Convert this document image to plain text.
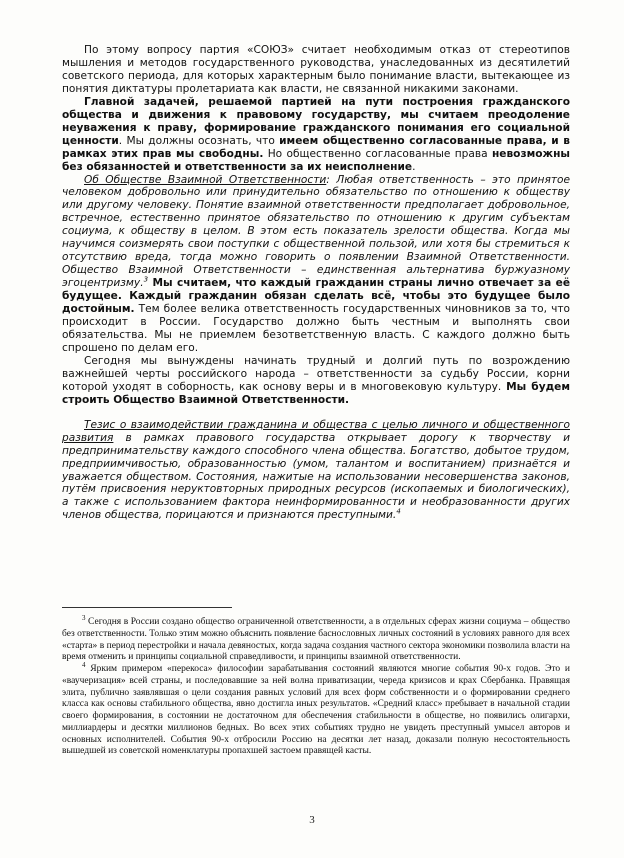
По этому вопросу партия «СОЮЗ» считает необходимым отказ от стереотипов мышления и методов государственного руководства, унаследованных из десятилетий советского периода, для которых характерным было понимание власти, вытекающее из понятия диктатуры пролетариата как власти, не связанной никакими законами.

Главной задачей, решаемой партией на пути построения гражданского общества и движения к правовому государству, мы считаем преодоление неуважения к праву, формирование гражданского понимания его социальной ценности. Мы должны осознать, что имеем общественно согласованные права, и в рамках этих прав мы свободны. Но общественно согласованные права невозможны без обязанностей и ответственности за их неисполнение.

Об Обществе Взаимной Ответственности: Любая ответственность – это принятое человеком добровольно или принудительно обязательство по отношению к обществу или другому человеку. Понятие взаимной ответственности предполагает добровольное, встречное, естественно принятое обязательство по отношению к другим субъектам социума, к обществу в целом. В этом есть показатель зрелости общества. Когда мы научимся соизмерять свои поступки с общественной пользой, или хотя бы стремиться к отсутствию вреда, тогда можно говорить о появлении Взаимной Ответственности. Общество Взаимной Ответственности – единственная альтернатива буржуазному эгоцентризму.$^3$ Мы считаем, что каждый гражданин страны лично отвечает за её будущее. Каждый гражданин обязан сделать всё, чтобы это будущее было достойным. Тем более велика ответственность государственных чиновников за то, что происходит в России. Государство должно быть честным и выполнять свои обязательства. Мы не приемлем безответственную власть. С каждого должно быть спрошено по делам его.

Сегодня мы вынуждены начинать трудный и долгий путь по возрождению важнейшей черты российского народа – ответственности за судьбу России, корни которой уходят в соборность, как основу веры и в многовековую культуру. Мы будем строить Общество Взаимной Ответственности.

Тезис о взаимодействии гражданина и общества с целью личного и общественного развития в рамках правового государства открывает дорогу к творчеству и предпринимательству каждого способного члена общества. Богатство, добытое трудом, предприимчивостью, образованностью (умом, талантом и воспитанием) признаётся и уважается обществом. Состояния, нажитые на использовании несовершенства законов, путём присвоения неруктовторных природных ресурсов (ископаемых и биологических), а также с использованием фактора неинформированности и необразованности других членов общества, порицаются и признаются преступными.$^4$

$^3$ Сегодня в России создано общество ограниченной ответственности, а в отдельных сферах жизни социума – общество без ответственности. Только этим можно объяснить появление баснословных личных состояний в условиях равного для всех «старта» в период перестройки и начала девяностых, когда задача создания частного сектора экономики позволила власти на время отменить и принципы социальной справедливости, и принципы взаимной ответственности.

$^4$ Ярким примером «перекоса» философии зарабатывания состояний являются многие события 90-х годов. Это и «ваучеризация» всей страны, и последовавшие за ней волна приватизации, череда кризисов и крах Сбербанка. Правящая элита, публично заявлявшая о цели создания равных условий для всех форм собственности и о формировании среднего класса как основы стабильного общества, явно достигла иных результатов. «Средний класс» пребывает в начальной стадии своего формирования, в состоянии не достаточном для обеспечения стабильности в обществе, но появились олигархи, миллиардеры и десятки миллионов бедных. Во всех этих событиях трудно не увидеть преступный умысел авторов и основных исполнителей. События 90-х отбросили Россию на десятки лет назад, доказали полную несостоятельность вышедшей из советской номенклатуры пропахшей застоем правящей касты.

3
